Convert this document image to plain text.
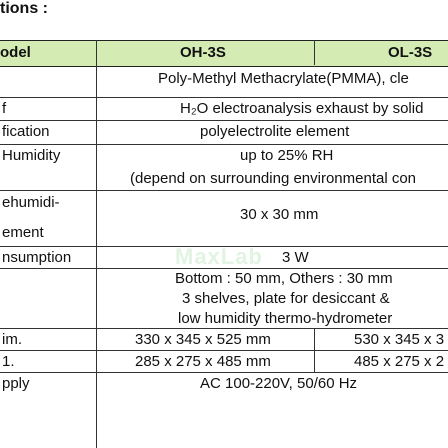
tions :
odel	OH-3S	OL-3S
MaxLab
Poly-Methyl Methacrylate(PMMA), cle
f	H₂O electroanalysis exhaust by solid
fication	polyelectrolite element
Humidity	up to 25% RH
(depend on surrounding environmental con
ehumidi-
ement
30 x 30 mm
nsumption	3 W
Bottom : 50 mm, Others : 30 mm
3 shelves, plate for desiccant &
low humidity thermo-hydrometer
im.	330 x 345 x 525 mm	530 x 345 x 3
1.	285 x 275 x 485 mm	485 x 275 x 2
pply	AC 100-220V, 50/60 Hz
